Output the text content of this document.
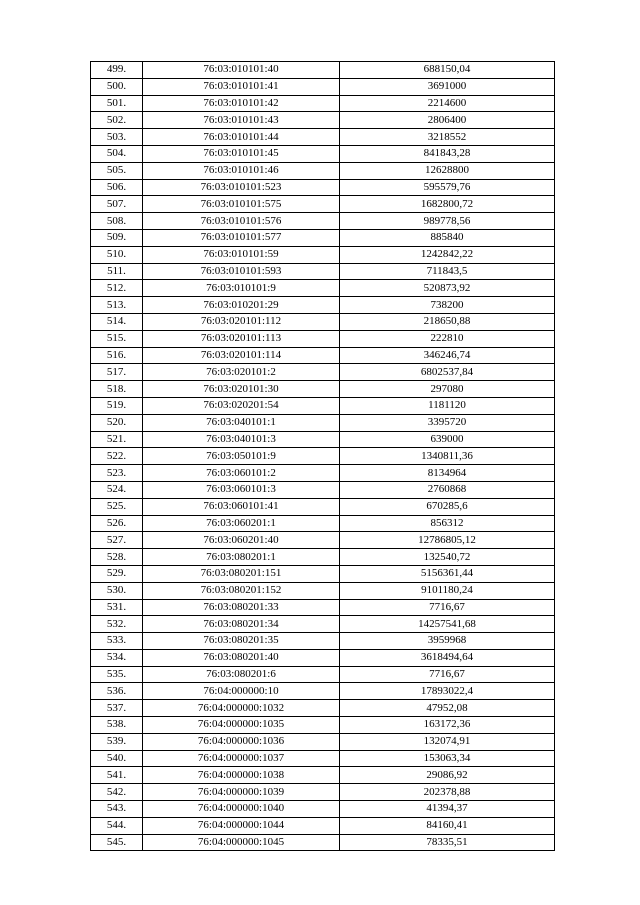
499.	76:03:010101:40	688150,04
500.	76:03:010101:41	3691000
501.	76:03:010101:42	2214600
502.	76:03:010101:43	2806400
503.	76:03:010101:44	3218552
504.	76:03:010101:45	841843,28
505.	76:03:010101:46	12628800
506.	76:03:010101:523	595579,76
507.	76:03:010101:575	1682800,72
508.	76:03:010101:576	989778,56
509.	76:03:010101:577	885840
510.	76:03:010101:59	1242842,22
511.	76:03:010101:593	711843,5
512.	76:03:010101:9	520873,92
513.	76:03:010201:29	738200
514.	76:03:020101:112	218650,88
515.	76:03:020101:113	222810
516.	76:03:020101:114	346246,74
517.	76:03:020101:2	6802537,84
518.	76:03:020101:30	297080
519.	76:03:020201:54	1181120
520.	76:03:040101:1	3395720
521.	76:03:040101:3	639000
522.	76:03:050101:9	1340811,36
523.	76:03:060101:2	8134964
524.	76:03:060101:3	2760868
525.	76:03:060101:41	670285,6
526.	76:03:060201:1	856312
527.	76:03:060201:40	12786805,12
528.	76:03:080201:1	132540,72
529.	76:03:080201:151	5156361,44
530.	76:03:080201:152	9101180,24
531.	76:03:080201:33	7716,67
532.	76:03:080201:34	14257541,68
533.	76:03:080201:35	3959968
534.	76:03:080201:40	3618494,64
535.	76:03:080201:6	7716,67
536.	76:04:000000:10	17893022,4
537.	76:04:000000:1032	47952,08
538.	76:04:000000:1035	163172,36
539.	76:04:000000:1036	132074,91
540.	76:04:000000:1037	153063,34
541.	76:04:000000:1038	29086,92
542.	76:04:000000:1039	202378,88
543.	76:04:000000:1040	41394,37
544.	76:04:000000:1044	84160,41
545.	76:04:000000:1045	78335,51
